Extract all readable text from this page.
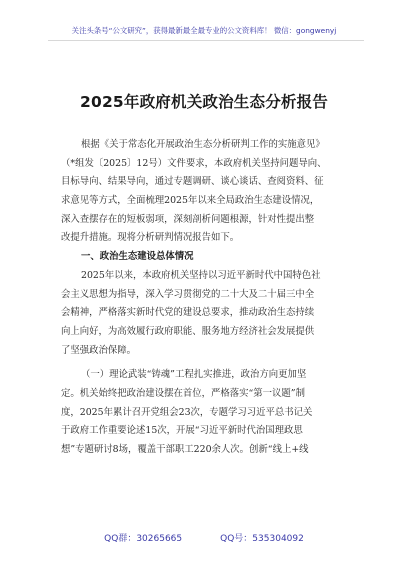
关注头条号“公文研究”，获得最新最全最专业的公文资料库！ 微信：gongwenyj
2025年政府机关政治生态分析报告
根据《关于常态化开展政治生态分析研判工作的实施意见》
（*组发〔2025〕12号）文件要求，本政府机关坚持问题导向、
目标导向、结果导向，通过专题调研、谈心谈话、查阅资料、征
求意见等方式，全面梳理2025年以来全局政治生态建设情况，
深入查摆存在的短板弱项，深刻剖析问题根源，针对性提出整
改提升措施。现将分析研判情况报告如下。
一、政治生态建设总体情况
2025年以来，本政府机关坚持以习近平新时代中国特色社
会主义思想为指导，深入学习贯彻党的二十大及二十届三中全
会精神，严格落实新时代党的建设总要求，推动政治生态持续
向上向好，为高效履行政府职能、服务地方经济社会发展提供
了坚强政治保障。
（一）理论武装“铸魂”工程扎实推进，政治方向更加坚
定。机关始终把政治建设摆在首位，严格落实“第一议题”制
度，2025年累计召开党组会23次，专题学习习近平总书记关
于政府工作重要论述15次，开展“习近平新时代治国理政思
想”专题研讨8场，覆盖干部职工220余人次。创新“线上+线
QQ群：30265665	QQ号：535304092
